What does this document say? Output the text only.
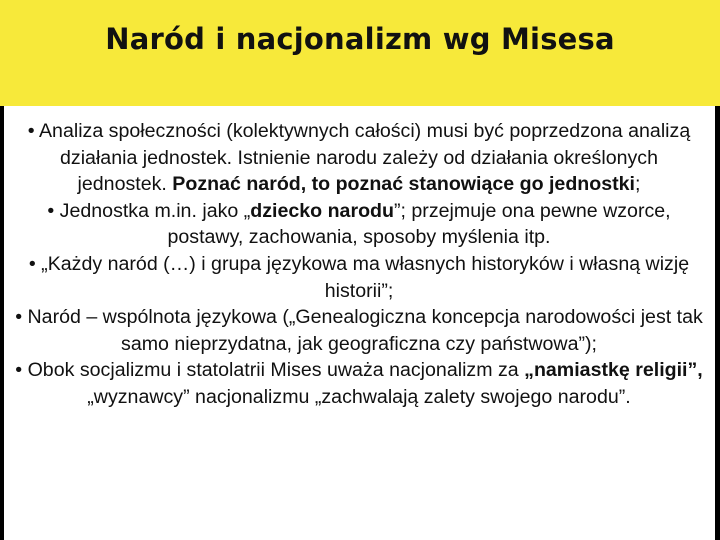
Naród i nacjonalizm wg Misesa

• Analiza społeczności (kolektywnych całości) musi być poprzedzona analizą działania jednostek. Istnienie narodu zależy od działania określonych jednostek. Poznać naród, to poznać stanowiące go jednostki;

• Jednostka m.in. jako „dziecko narodu”; przejmuje ona pewne wzorce, postawy, zachowania, sposoby myślenia itp.

• „Każdy naród (…) i grupa językowa ma własnych historyków i własną wizję historii”;

• Naród – wspólnota językowa („Genealogiczna koncepcja narodowości jest tak samo nieprzydatna, jak geograficzna czy państwowa”);

• Obok socjalizmu i statolatrii Mises uważa nacjonalizm za „namiastkę religii”, „wyznawcy” nacjonalizmu „zachwalają zalety swojego narodu”.
